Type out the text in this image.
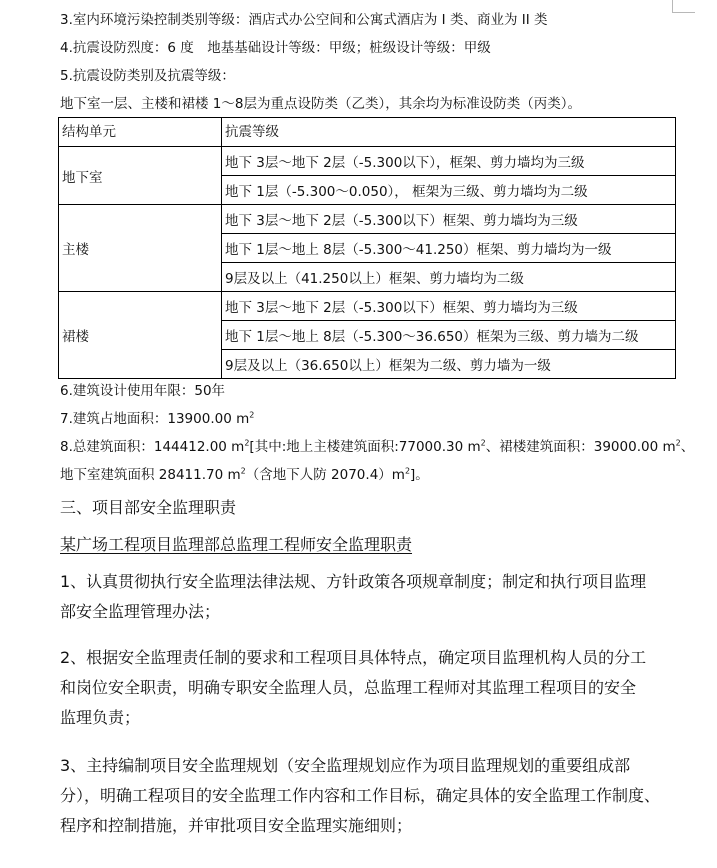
3.室内环境污染控制类别等级：酒店式办公空间和公寓式酒店为 I 类、商业为 II 类
4.抗震设防烈度：6 度　地基基础设计等级：甲级；桩级设计等级：甲级
5.抗震设防类别及抗震等级：
地下室一层、主楼和裙楼 1～8层为重点设防类（乙类），其余均为标准设防类（丙类）。
结构单元	抗震等级
地下室	地下 3层～地下 2层（-5.300以下），框架、剪力墙均为三级
	地下 1层（-5.300～0.050）， 框架为三级、剪力墙均为二级
主楼	地下 3层～地下 2层（-5.300以下）框架、剪力墙均为三级
	地下 1层～地上 8层（-5.300～41.250）框架、剪力墙均为一级
	9层及以上（41.250以上）框架、剪力墙均为二级
裙楼	地下 3层～地下 2层（-5.300以下）框架、剪力墙均为三级
	地下 1层～地上 8层（-5.300～36.650）框架为三级、剪力墙为二级
	9层及以上（36.650以上）框架为二级、剪力墙为一级
6.建筑设计使用年限：50年
7.建筑占地面积：13900.00 $m^2$
8.总建筑面积：144412.00 $m^2$[其中:地上主楼建筑面积:77000.30 $m^2$、裙楼建筑面积：39000.00 $m^2$、
地下室建筑面积 28411.70 $m^2$（含地下人防 $2070.4)m^2$]。
三、项目部安全监理职责
某广场工程项目监理部总监理工程师安全监理职责
1、认真贯彻执行安全监理法律法规、方针政策各项规章制度；制定和执行项目监理
部安全监理管理办法；
2、根据安全监理责任制的要求和工程项目具体特点，确定项目监理机构人员的分工
和岗位安全职责，明确专职安全监理人员，总监理工程师对其监理工程项目的安全
监理负责；
3、主持编制项目安全监理规划（安全监理规划应作为项目监理规划的重要组成部
分），明确工程项目的安全监理工作内容和工作目标，确定具体的安全监理工作制度、
程序和控制措施，并审批项目安全监理实施细则；
